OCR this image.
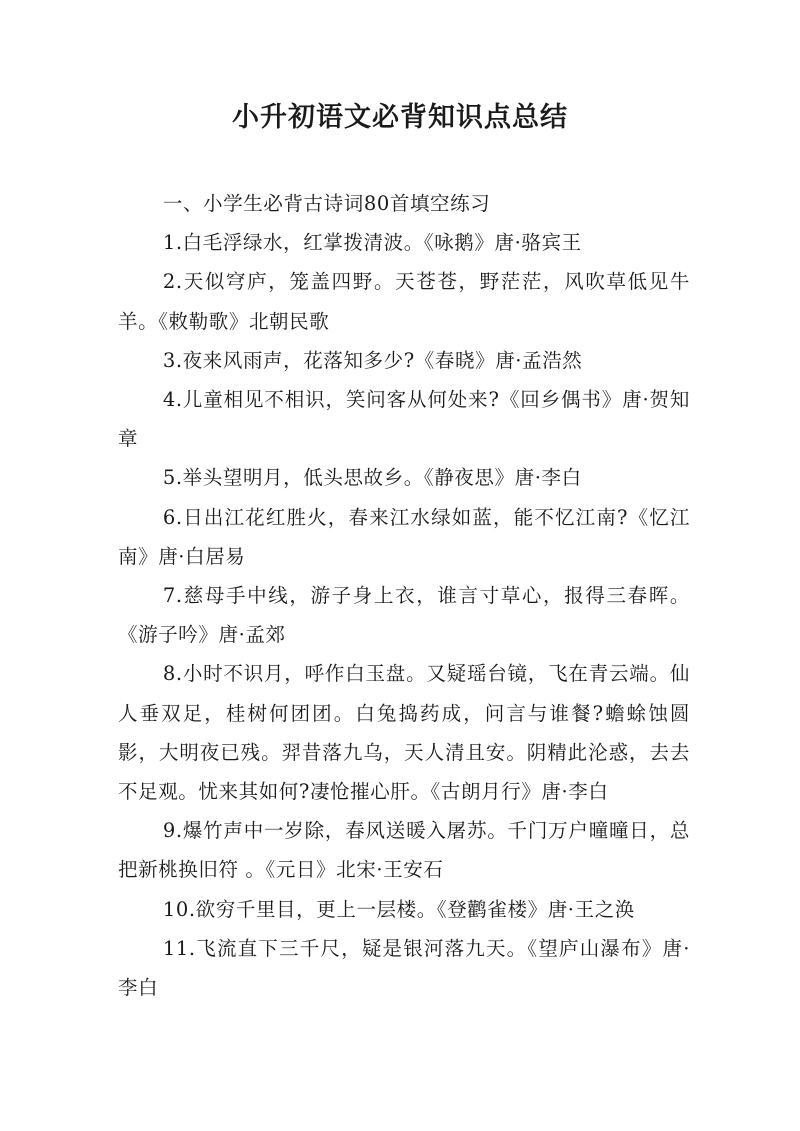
小升初语文必背知识点总结

一、小学生必背古诗词80首填空练习

1.白毛浮绿水，红掌拨清波。《咏鹅》唐·骆宾王

2.天似穹庐，笼盖四野。天苍苍，野茫茫，风吹草低见牛羊。《敕勒歌》北朝民歌

3.夜来风雨声，花落知多少?《春晓》唐·孟浩然

4.儿童相见不相识，笑问客从何处来?《回乡偶书》唐·贺知章

5.举头望明月，低头思故乡。《静夜思》唐·李白

6.日出江花红胜火，春来江水绿如蓝，能不忆江南?《忆江南》唐·白居易

7.慈母手中线，游子身上衣，谁言寸草心，报得三春晖。《游子吟》唐·孟郊

8.小时不识月，呼作白玉盘。又疑瑶台镜，飞在青云端。仙人垂双足，桂树何团团。白兔捣药成，问言与谁餐?蟾蜍蚀圆影，大明夜已残。羿昔落九乌，天人清且安。阴精此沦惑，去去不足观。忧来其如何?凄怆摧心肝。《古朗月行》唐·李白

9.爆竹声中一岁除，春风送暖入屠苏。千门万户曈曈日，总把新桃换旧符 。《元日》北宋·王安石

10.欲穷千里目，更上一层楼。《登鹳雀楼》唐·王之涣

11.飞流直下三千尺，疑是银河落九天。《望庐山瀑布》唐·李白
